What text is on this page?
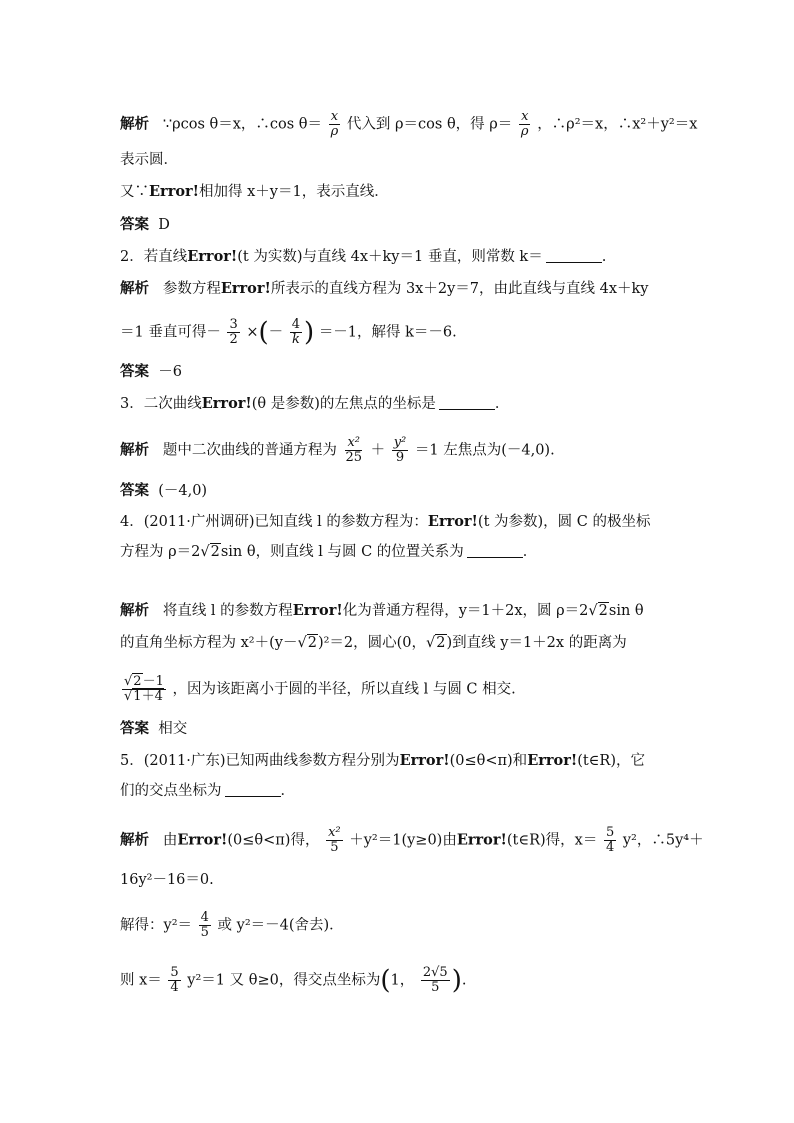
解析 ∵ρcos θ＝x，∴cos $\theta= \frac{x}{\rho}$ 代入到 ρ＝cos θ，得 $\rho= \frac{x}{\rho}$ ，∴ρ²＝x，∴x²＋y²＝x
表示圆．
又∵Error!相加得 x＋y＝1，表示直线．
答案 D
2．若直线Error!(t 为实数)与直线 4x＋ky＝1 垂直，则常数 k＝	.
解析 参数方程Error!所表示的直线方程为 3x＋2y＝7，由此直线与直线 4x＋ky
＝1 垂直可得－ $\frac{3}{2}$ ×(－ $\frac{4}{k}$ ) ＝－1，解得 k＝－6.
答案 －6
3．二次曲线Error!(θ 是参数)的左焦点的坐标是	．
解析 题中二次曲线的普通方程为 $\frac{\text{x²}}{25} + \frac{\text{y²}}{9} =1$ 左焦点为(－4,0).
答案 (－4,0)
4．(2011·广州调研)已知直线 l 的参数方程为：Error!(t 为参数)，圆 C 的极坐标
方程为 ρ＝2√2sin θ，则直线 l 与圆 C 的位置关系为	．
解析 将直线 l 的参数方程Error!化为普通方程得，y＝1＋2x，圆 ρ＝2√2sin θ
的直角坐标方程为 x²＋(y－√2)²＝2，圆心(0，√2)到直线 y＝1＋2x 的距离为
$\frac{√2-1}{√1+4}$ ，因为该距离小于圆的半径，所以直线 l 与圆 C 相交.
答案 相交
5．(2011·广东)已知两曲线参数方程分别为Error!(0≤θ<π)和Error!(t∈R)，它
们的交点坐标为	．
解析 由Error!(0≤θ<π)得， $\frac{\text{x²}}{5} +y^2=1(y\ge 0)$由Error!(t∈R)得，$x= \frac{5}{4} y^2$，∴5y⁴＋
16y²－16＝0.
解得：$y^2= \frac{4}{5}$ 或 y²＝－4(舍去)．
则 $x= \frac{5}{4} y^2=1$ 又 θ≥0，得交点坐标为(1， $\frac{2√5}{5}$ ).
